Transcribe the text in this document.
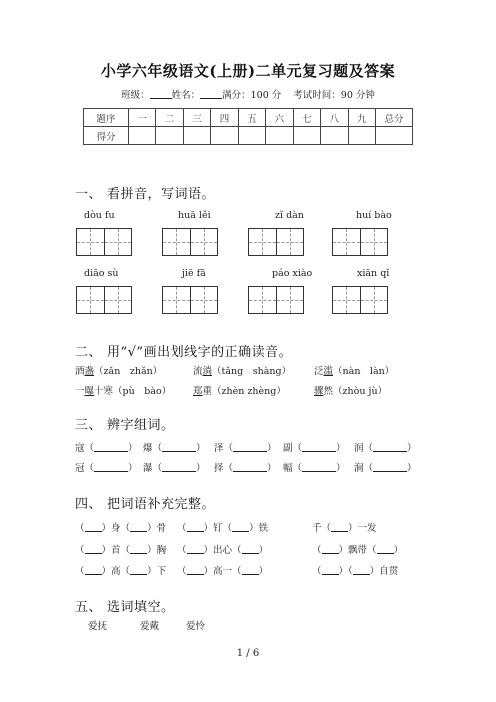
小学六年级语文(上册)二单元复习题及答案
班级： 姓名： 满分：100 分 考试时间：90 分钟
题序	一	二	三	四	五	六	七	八	九	总分
得分										
一、 看拼音，写词语。
dòu fu	huā lěi	zǐ dàn	huí bào
diāo sù	jiē fā	páo xiào	xiān qǐ
二、 用“√”画出划线字的正确读音。
酒盏（zǎn　zhǎn）	流淌（tǎng　shàng） 泛滥（nàn　làn）
一曝十寒（pù　bào） 郑重（zhèn zhèng）	骤然（zhòu jù）
三、 辨字组词。
寇（	） 爆（	） 泽（	） 副（	） 润（	）
冠（	） 瀑（	） 择（	） 幅（	） 涧（	）
四、 把词语补充完整。
（ ）身（ ）骨 （ ）钉（ ）铁	千（ ）一发
（ ）首（ ）胸 （ ）出心（ ）	（ ）飘带（ ）
（ ）高（ ）下 （ ）高一（ ）	（ ）（ ）自贯
五、 选词填空。
爱抚	爱戴	爱怜
1 / 6
